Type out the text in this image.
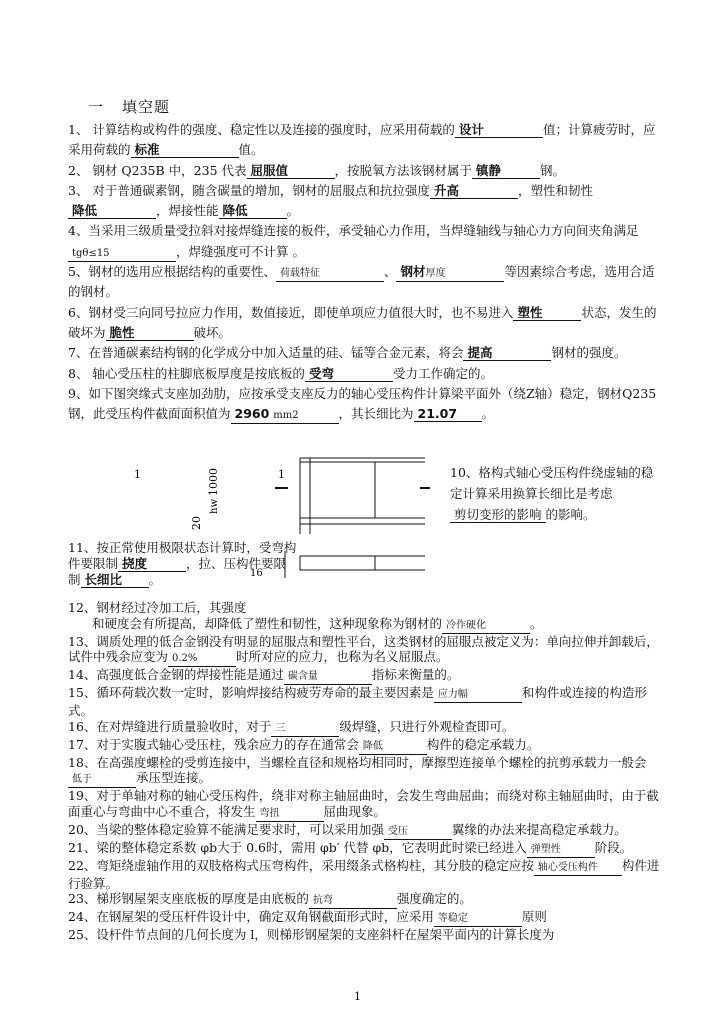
一 填空题

1、 计算结构或构件的强度、稳定性以及连接的强度时，应采用荷载的 设计	值；计算疲劳时，应采用荷载的 标准	值。

2、 钢材 Q235B 中，235 代表 屈服值	，按脱氧方法该钢材属于 镇静	钢。

3、 对于普通碳素钢，随含碳量的增加，钢材的屈服点和抗拉强度 升高	，塑性和韧性降低	，焊接性能 降低	。

4、当采用三级质量受拉斜对接焊缝连接的板件，承受轴心力作用，当焊缝轴线与轴心力方向间夹角满足tgθ≤15	，焊缝强度可不计算 。

5、钢材的选用应根据结构的重要性、 荷载特征	、 钢材厚度	等因素综合考虑，选用合适的钢材。

6、钢材受三向同号拉应力作用，数值接近，即使单项应力值很大时，也不易进入 塑性	状态，发生的破坏为 脆性	破坏。

7、在普通碳素结构钢的化学成分中加入适量的硅、锰等合金元素，将会 提高	钢材的强度。

8、 轴心受压柱的柱脚底板厚度是按底板的 受弯	受力工作确定的。

9、如下图突缘式支座加劲肋，应按承受支座反力的轴心受压构件计算梁平面外（绕Z轴）稳定，钢材Q235钢，此受压构件截面面积值为 2960 mm2	，其长细比为 21.07 。

1	1
1000
hw
20
16
10、格构式轴心受压构件绕虚轴的稳定计算采用换算长细比是考虑剪切变形的影响 的影响。
11、按正常使用极限状态计算时，受弯构件要限制 挠度	，拉、压构件要限制 长细比 。

12、钢材经过冷加工后，其强度
和硬度会有所提高，却降低了塑性和韧性，这种现象称为钢材的 冷作硬化	。

13、调质处理的低合金钢没有明显的屈服点和塑性平台，这类钢材的屈服点被定义为：单向拉伸并卸载后，试件中残余应变为 0.2%	时所对应的应力，也称为名义屈服点。

14、高强度低合金钢的焊接性能是通过 碳含量	指标来衡量的。

15、循环荷载次数一定时，影响焊接结构疲劳寿命的最主要因素是 应力幅	和构件或连接的构造形式。

16、在对焊缝进行质量验收时，对于 三	级焊缝，只进行外观检查即可。

17、对于实腹式轴心受压柱，残余应力的存在通常会 降低	构件的稳定承载力。

18、在高强度螺栓的受剪连接中，当螺栓直径和规格均相同时，摩擦型连接单个螺栓的抗剪承载力一般会低于	承压型连接。

19、对于单轴对称的轴心受压构件，绕非对称主轴屈曲时，会发生弯曲屈曲；而绕对称主轴屈曲时，由于截面重心与弯曲中心不重合，将发生 弯扭	屈曲现象。

20、当梁的整体稳定验算不能满足要求时，可以采用加强 受压	翼缘的办法来提高稳定承载力。

21、梁的整体稳定系数 φb大于 0.6时，需用 φb′ 代替 φb，它表明此时梁已经进入 弹塑性	阶段。

22、弯矩绕虚轴作用的双肢格构式压弯构件，采用缀条式格构柱，其分肢的稳定应按 轴心受压构件 构件进行验算。

23、梯形钢屋架支座底板的厚度是由底板的 抗弯	强度确定的。

24、在钢屋架的受压杆件设计中，确定双角钢截面形式时，应采用 等稳定	原则

25、设杆件节点间的几何长度为 l，则梯形钢屋架的支座斜杆在屋架平面内的计算长度为

1
